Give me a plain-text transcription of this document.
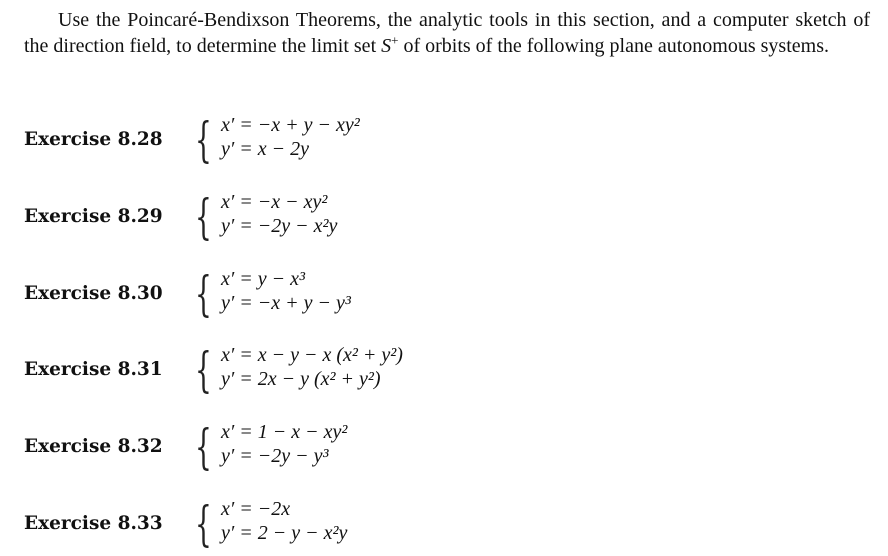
Use the Poincaré-Bendixson Theorems, the analytic tools in this section, and a computer sketch of the direction field, to determine the limit set S+ of orbits of the following plane autonomous systems.

Exercise 8.28 { x′ = −x + y − xy²
y′ = x − 2y
Exercise 8.29 { x′ = −x − xy²
y′ = −2y − x²y
Exercise 8.30 { x′ = y − x³
y′ = −x + y − y³
Exercise 8.31 { x′ = x − y − x (x² + y²)
y′ = 2x − y (x² + y²)
Exercise 8.32 { x′ = 1 − x − xy²
y′ = −2y − y³
Exercise 8.33 { x′ = −2x
y′ = 2 − y − x²y
